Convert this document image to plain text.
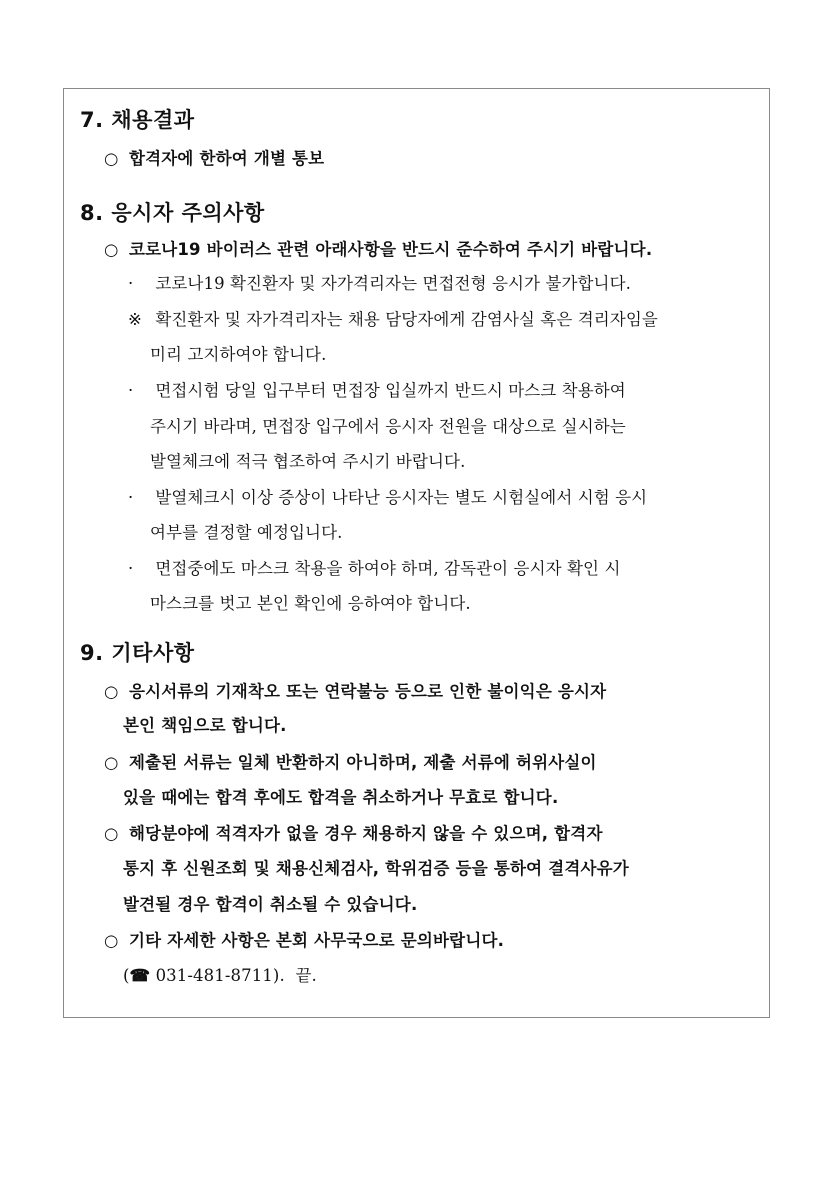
7. 채용결과
○ 합격자에 한하여 개별 통보
8. 응시자 주의사항
○ 코로나19 바이러스 관련 아래사항을 반드시 준수하여 주시기 바랍니다.
· 코로나19 확진환자 및 자가격리자는 면접전형 응시가 불가합니다.
※ 확진환자 및 자가격리자는 채용 담당자에게 감염사실 혹은 격리자임을
미리 고지하여야 합니다.
· 면접시험 당일 입구부터 면접장 입실까지 반드시 마스크 착용하여
주시기 바라며, 면접장 입구에서 응시자 전원을 대상으로 실시하는
발열체크에 적극 협조하여 주시기 바랍니다.
· 발열체크시 이상 증상이 나타난 응시자는 별도 시험실에서 시험 응시
여부를 결정할 예정입니다.
· 면접중에도 마스크 착용을 하여야 하며, 감독관이 응시자 확인 시
마스크를 벗고 본인 확인에 응하여야 합니다.
9. 기타사항
○ 응시서류의 기재착오 또는 연락불능 등으로 인한 불이익은 응시자
본인 책임으로 합니다.
○ 제출된 서류는 일체 반환하지 아니하며, 제출 서류에 허위사실이
있을 때에는 합격 후에도 합격을 취소하거나 무효로 합니다.
○ 해당분야에 적격자가 없을 경우 채용하지 않을 수 있으며, 합격자
통지 후 신원조회 및 채용신체검사, 학위검증 등을 통하여 결격사유가
발견될 경우 합격이 취소될 수 있습니다.
○ 기타 자세한 사항은 본회 사무국으로 문의바랍니다.
(☎ 031-481-8711). 끝.
